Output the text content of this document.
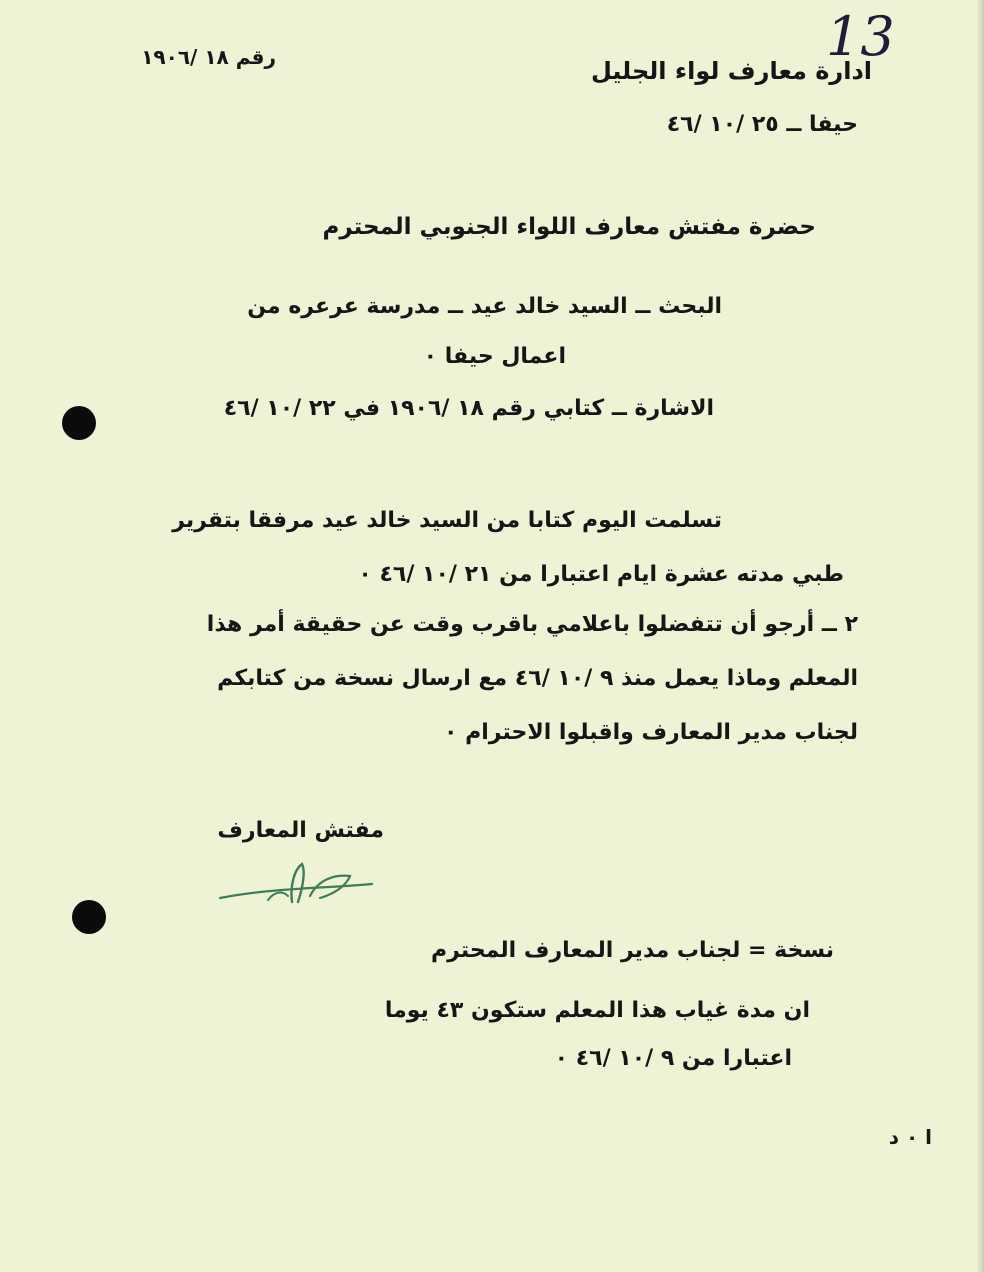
13
ادارة معارف لواء الجليل
حيفا ــ ٢٥ /١٠ /٤٦
رقم ١٨ /١٩٠٦
حضرة مفتش معارف اللواء الجنوبي المحترم
البحث ــ السيد خالد عيد ــ مدرسة عرعره من
اعمال حيفا ٠
الاشارة ــ كتابي رقم ١٨ /١٩٠٦ في ٢٢ /١٠ /٤٦
تسلمت اليوم كتابا من السيد خالد عيد مرفقا بتقرير
طبي مدته عشرة ايام اعتبارا من ٢١ /١٠ /٤٦ ٠
٢ ــ أرجو أن تتفضلوا باعلامي باقرب وقت عن حقيقة أمر هذا
المعلم وماذا يعمل منذ ٩ /١٠ /٤٦ مع ارسال نسخة من كتابكم
لجناب مدير المعارف واقبلوا الاحترام ٠
مفتش المعارف
نسخة = لجناب مدير المعارف المحترم
ان مدة غياب هذا المعلم ستكون ٤٣ يوما
اعتبارا من ٩ /١٠ /٤٦ ٠
ا ٠ د
